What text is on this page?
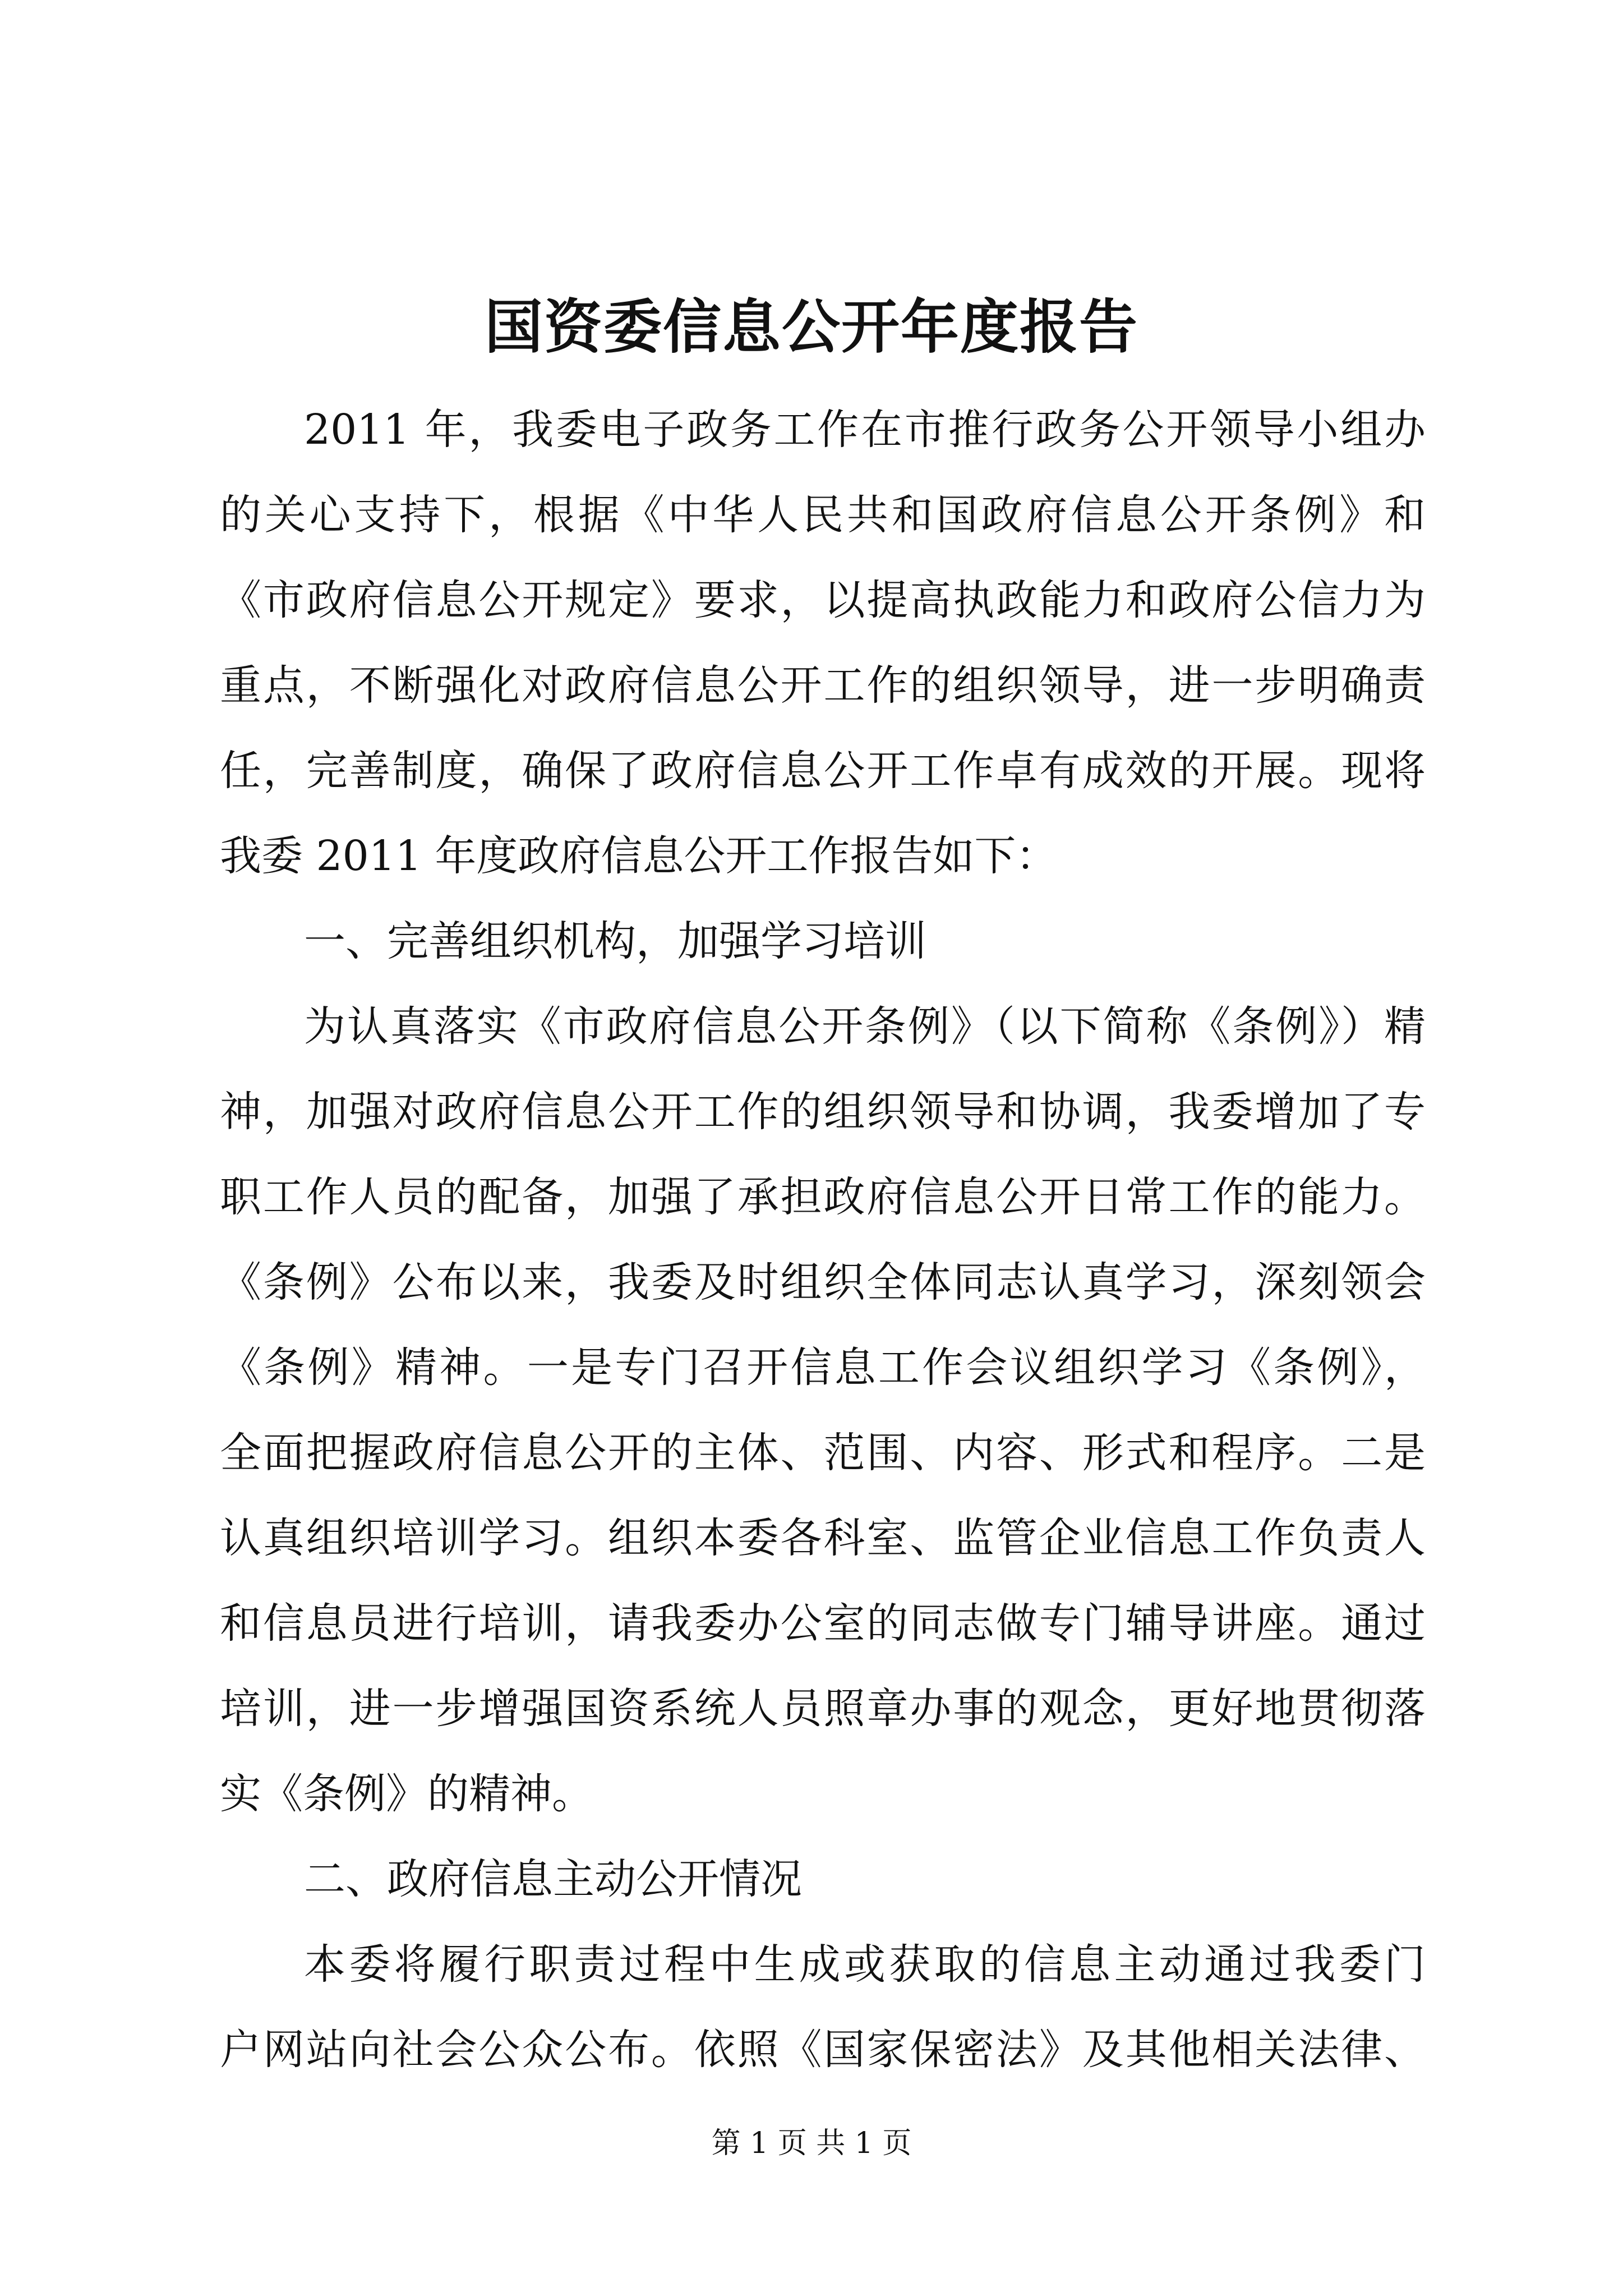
国资委信息公开年度报告
2011 年，我委电子政务工作在市推行政务公开领导小组办
的关心支持下，根据《中华人民共和国政府信息公开条例》和
《市政府信息公开规定》要求，以提高执政能力和政府公信力为
重点，不断强化对政府信息公开工作的组织领导，进一步明确责
任，完善制度，确保了政府信息公开工作卓有成效的开展。现将
我委 2011 年度政府信息公开工作报告如下：
一、完善组织机构，加强学习培训
为认真落实《市政府信息公开条例》（以下简称《条例》）精
神，加强对政府信息公开工作的组织领导和协调，我委增加了专
职工作人员的配备，加强了承担政府信息公开日常工作的能力。
《条例》公布以来，我委及时组织全体同志认真学习，深刻领会
《条例》精神。一是专门召开信息工作会议组织学习《条例》，
全面把握政府信息公开的主体、范围、内容、形式和程序。二是
认真组织培训学习。组织本委各科室、监管企业信息工作负责人
和信息员进行培训，请我委办公室的同志做专门辅导讲座。通过
培训，进一步增强国资系统人员照章办事的观念，更好地贯彻落
实《条例》的精神。
二、政府信息主动公开情况
本委将履行职责过程中生成或获取的信息主动通过我委门
户网站向社会公众公布。依照《国家保密法》及其他相关法律、
第 1 页 共 1 页
